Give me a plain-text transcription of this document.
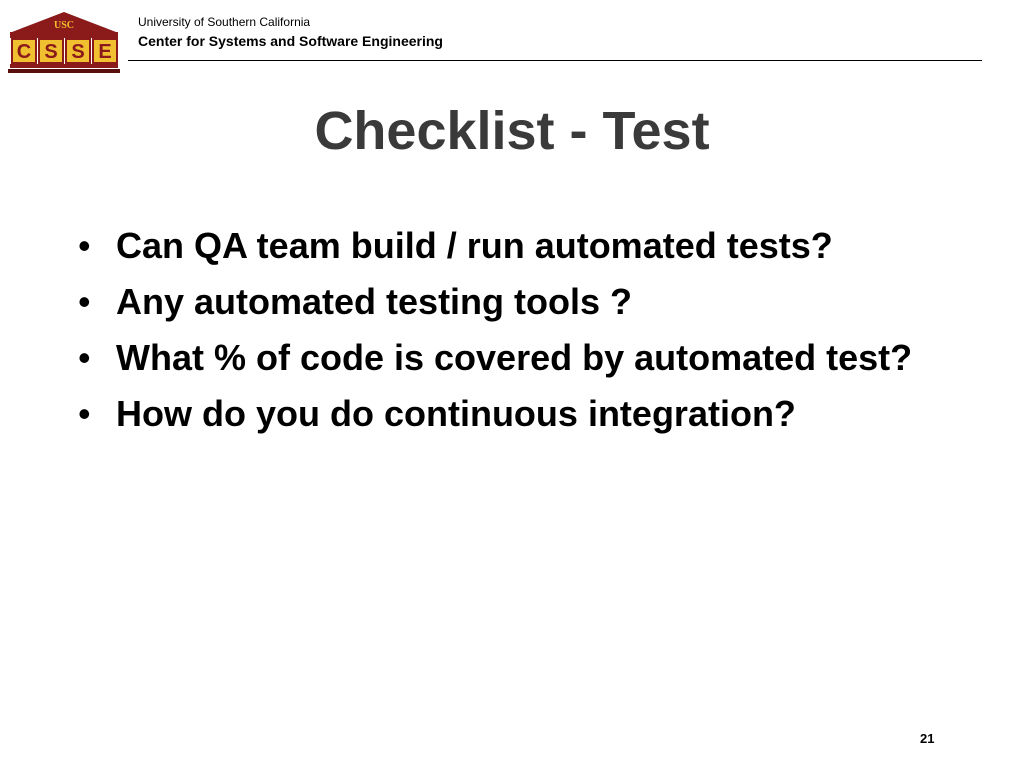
USC
C S S E
University of Southern California
Center for Systems and Software Engineering
Checklist - Test
• Can QA team build / run automated tests?
• Any automated testing tools ?
• What % of code is covered by automated test?
• How do you do continuous integration?
21
